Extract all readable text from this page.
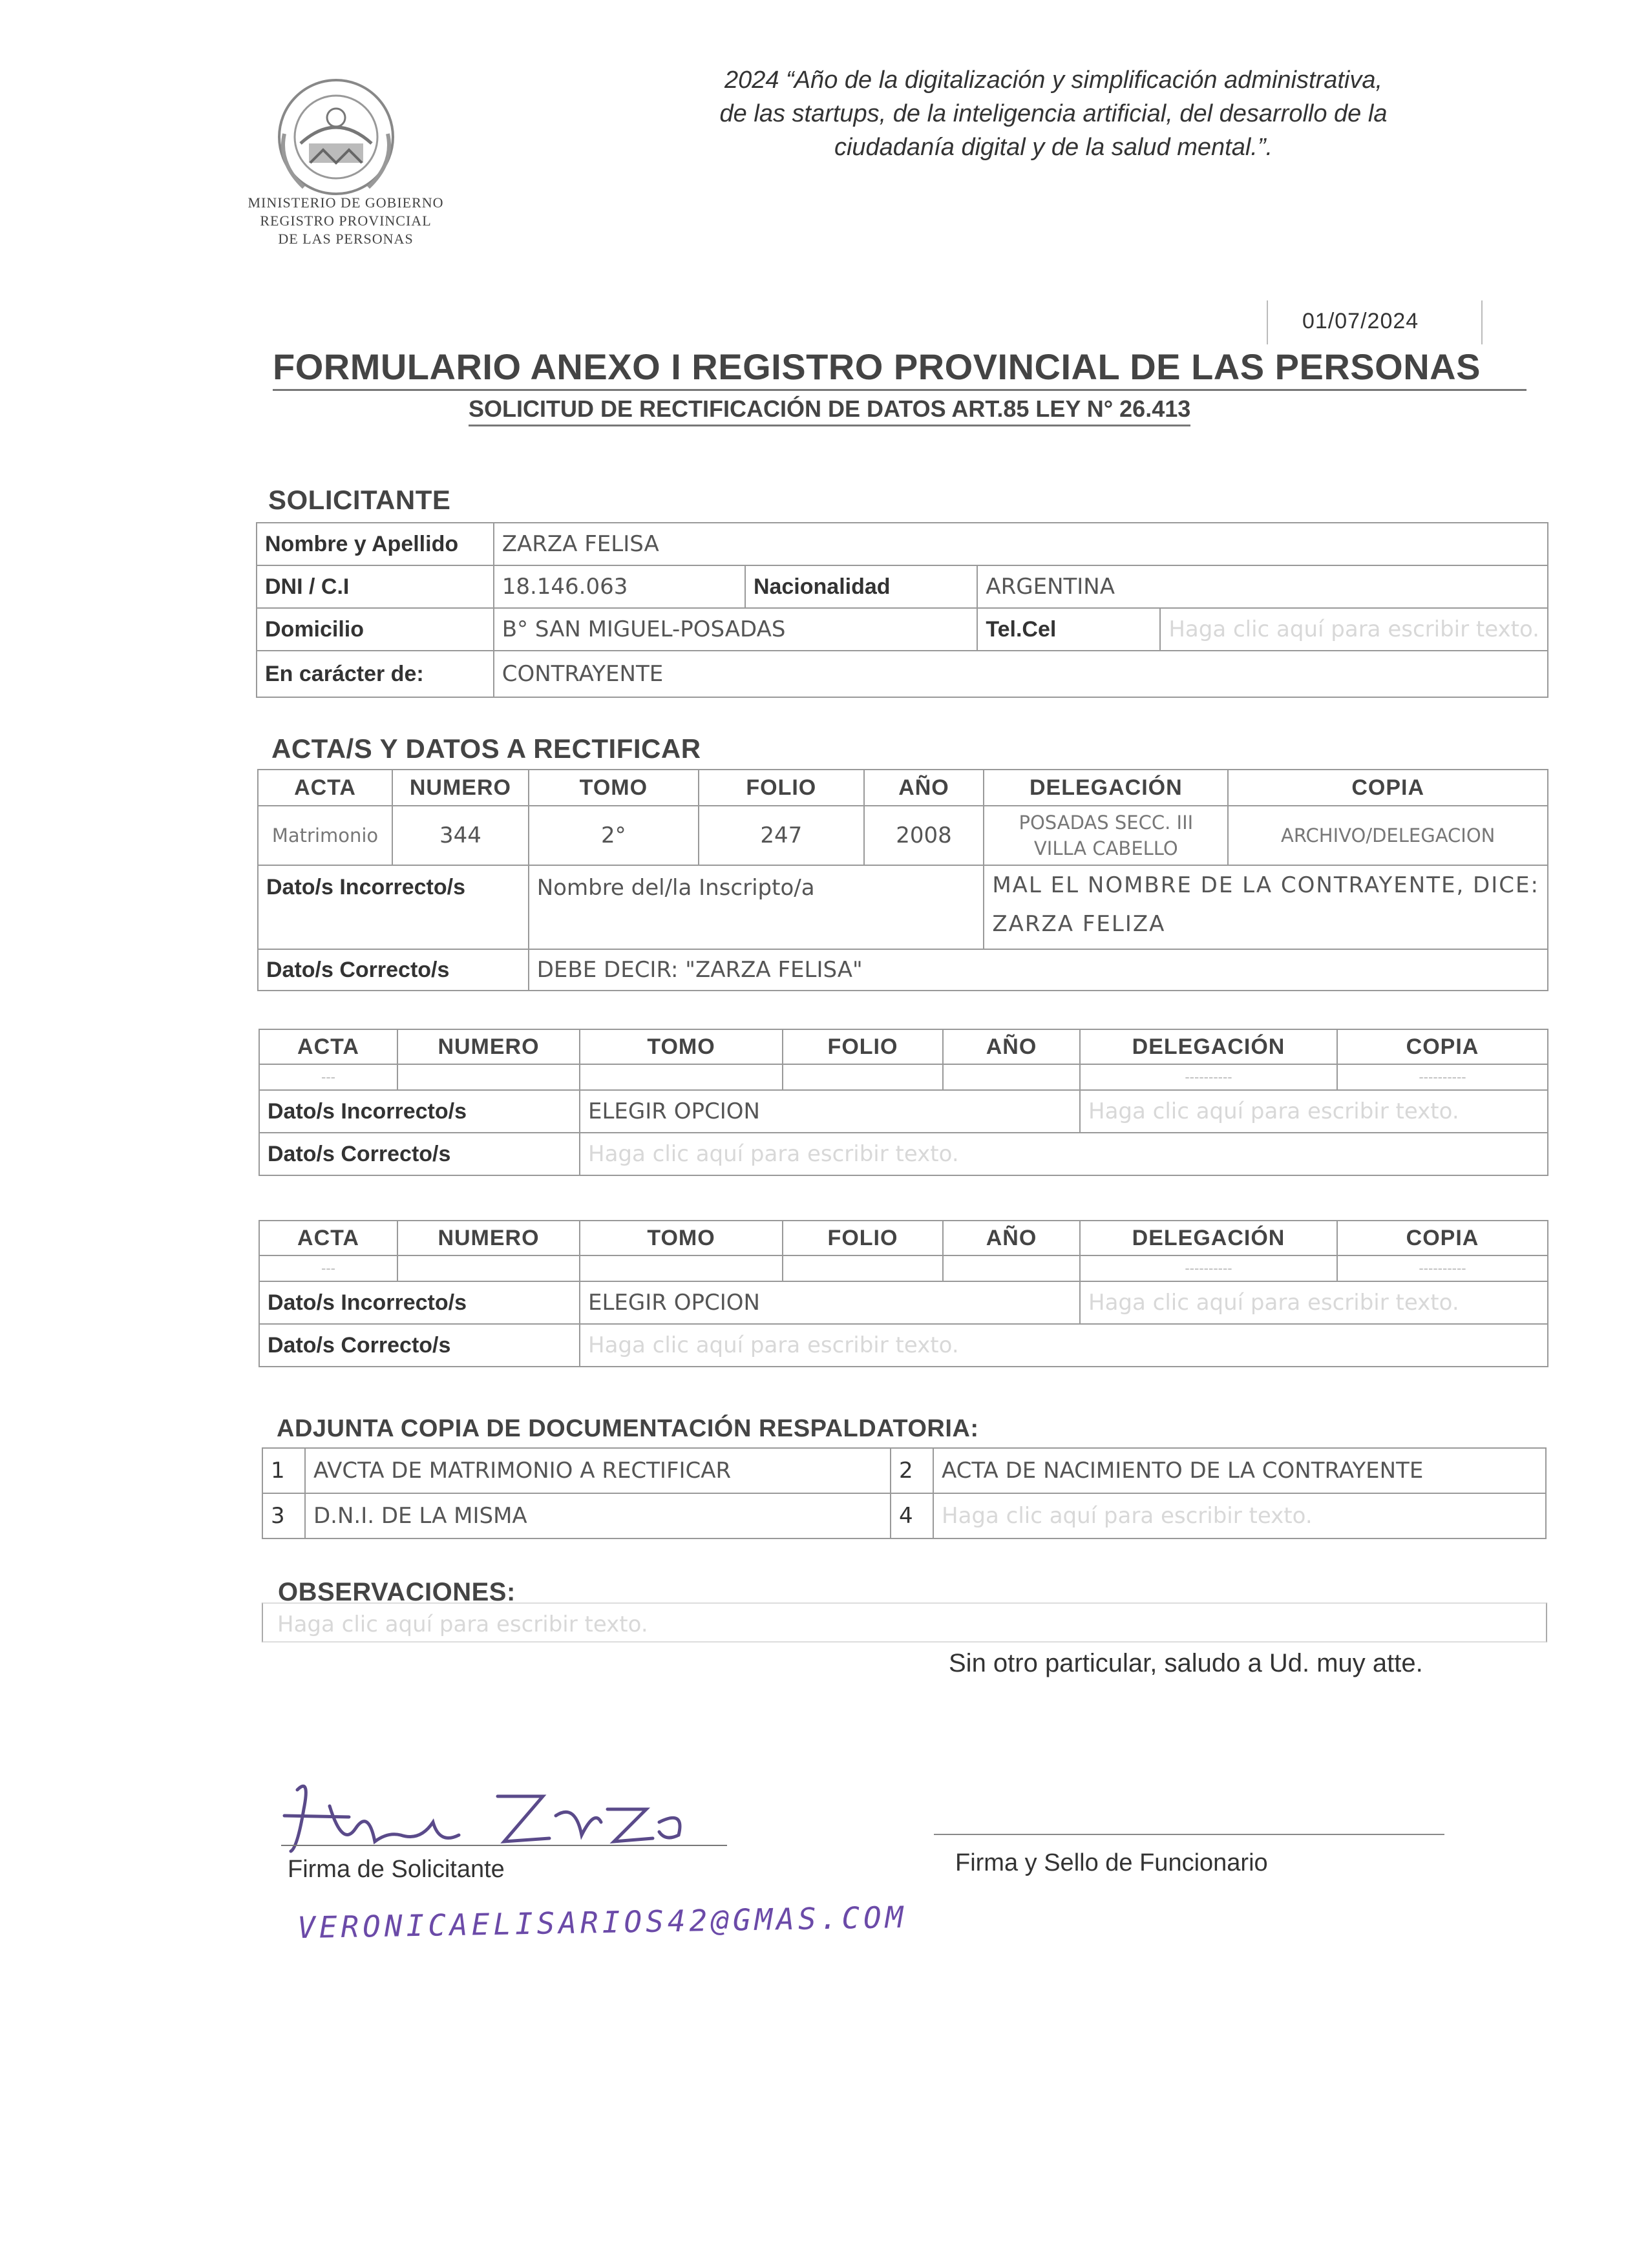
MINISTERIO DE GOBIERNO
REGISTRO PROVINCIAL
DE LAS PERSONAS
2024 “Año de la digitalización y simplificación administrativa,
de las startups, de la inteligencia artificial, del desarrollo de la
ciudadanía digital y de la salud mental.”.
01/07/2024
FORMULARIO ANEXO I REGISTRO PROVINCIAL DE LAS PERSONAS
SOLICITUD DE RECTIFICACIÓN DE DATOS ART.85 LEY N° 26.413
SOLICITANTE
Nombre y Apellido	ZARZA FELISA			
DNI / C.I	18.146.063	Nacionalidad	ARGENTINA	
Domicilio	B° SAN MIGUEL-POSADAS		Tel.Cel	Haga clic aquí para escribir texto.
En carácter de:	CONTRAYENTE			
ACTA/S Y DATOS A RECTIFICAR
ACTA	NUMERO	TOMO	FOLIO	AÑO	DELEGACIÓN	COPIA
Matrimonio	344	2°	247	2008	POSADAS SECC. III
VILLA CABELLO	ARCHIVO/DELEGACION
Dato/s Incorrecto/s		Nombre del/la Inscripto/a			MAL EL NOMBRE DE LA CONTRAYENTE, DICE:
ZARZA FELIZA	

Dato/s Correcto/s		DEBE DECIR: "ZARZA FELISA"				
ACTA	NUMERO	TOMO	FOLIO	AÑO	DELEGACIÓN	COPIA
---					----------	----------
Dato/s Incorrecto/s		ELEGIR OPCION			Haga clic aquí para escribir texto.	
Dato/s Correcto/s		Haga clic aquí para escribir texto.				
ACTA	NUMERO	TOMO	FOLIO	AÑO	DELEGACIÓN	COPIA
---					----------	----------
Dato/s Incorrecto/s		ELEGIR OPCION			Haga clic aquí para escribir texto.	
Dato/s Correcto/s		Haga clic aquí para escribir texto.				
ADJUNTA COPIA DE DOCUMENTACIÓN RESPALDATORIA:
1	AVCTA DE MATRIMONIO A RECTIFICAR	2	ACTA DE NACIMIENTO DE LA CONTRAYENTE
3	D.N.I. DE LA MISMA	4	Haga clic aquí para escribir texto.
OBSERVACIONES:
Haga clic aquí para escribir texto.
Sin otro particular, saludo a Ud. muy atte.
Firma de Solicitante	Firma y Sello de Funcionario
VERONICAELISARIOS42@GMAS.COM
